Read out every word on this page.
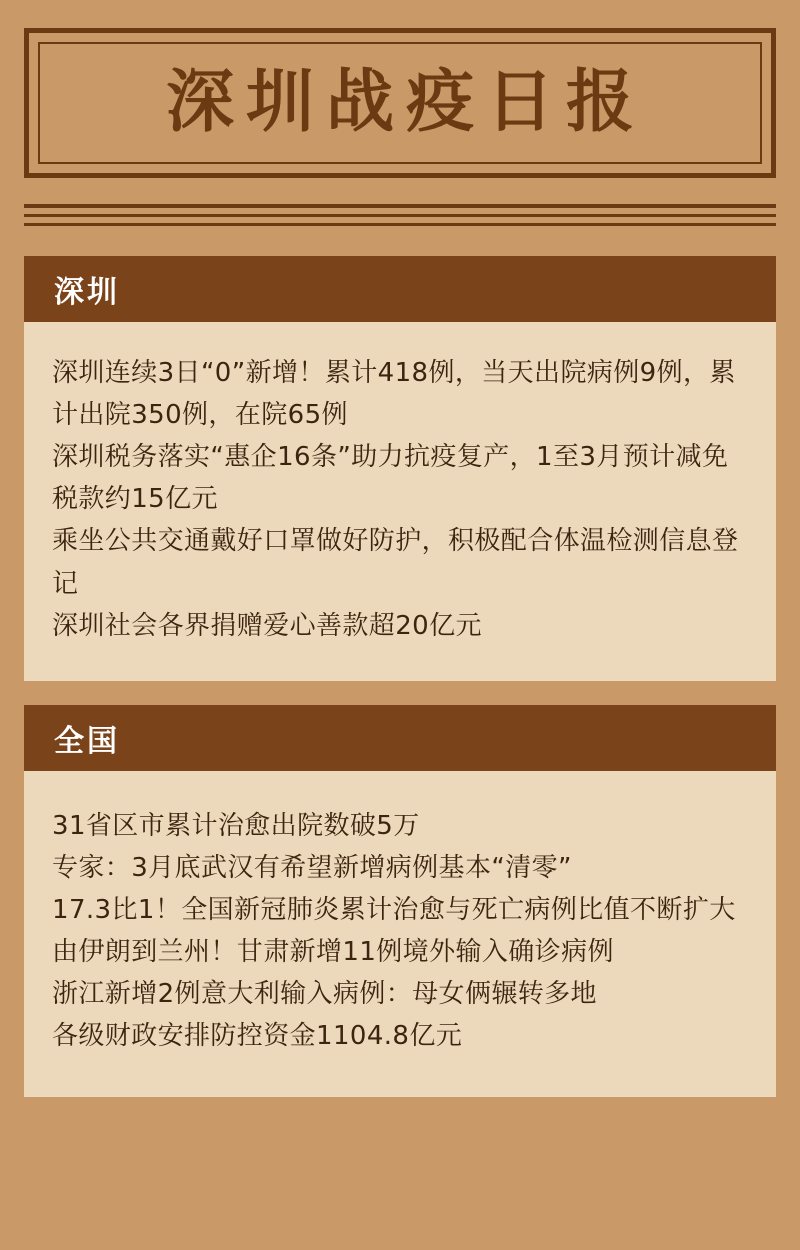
深圳战疫日报
深圳
深圳连续3日“0”新增！累计418例，当天出院病例9例，累计出院350例，在院65例
深圳税务落实“惠企16条”助力抗疫复产，1至3月预计减免税款约15亿元
乘坐公共交通戴好口罩做好防护，积极配合体温检测信息登记
深圳社会各界捐赠爱心善款超20亿元
全国
31省区市累计治愈出院数破5万
专家：3月底武汉有希望新增病例基本“清零”
17.3比1！全国新冠肺炎累计治愈与死亡病例比值不断扩大
由伊朗到兰州！甘肃新增11例境外输入确诊病例
浙江新增2例意大利输入病例：母女俩辗转多地
各级财政安排防控资金1104.8亿元
